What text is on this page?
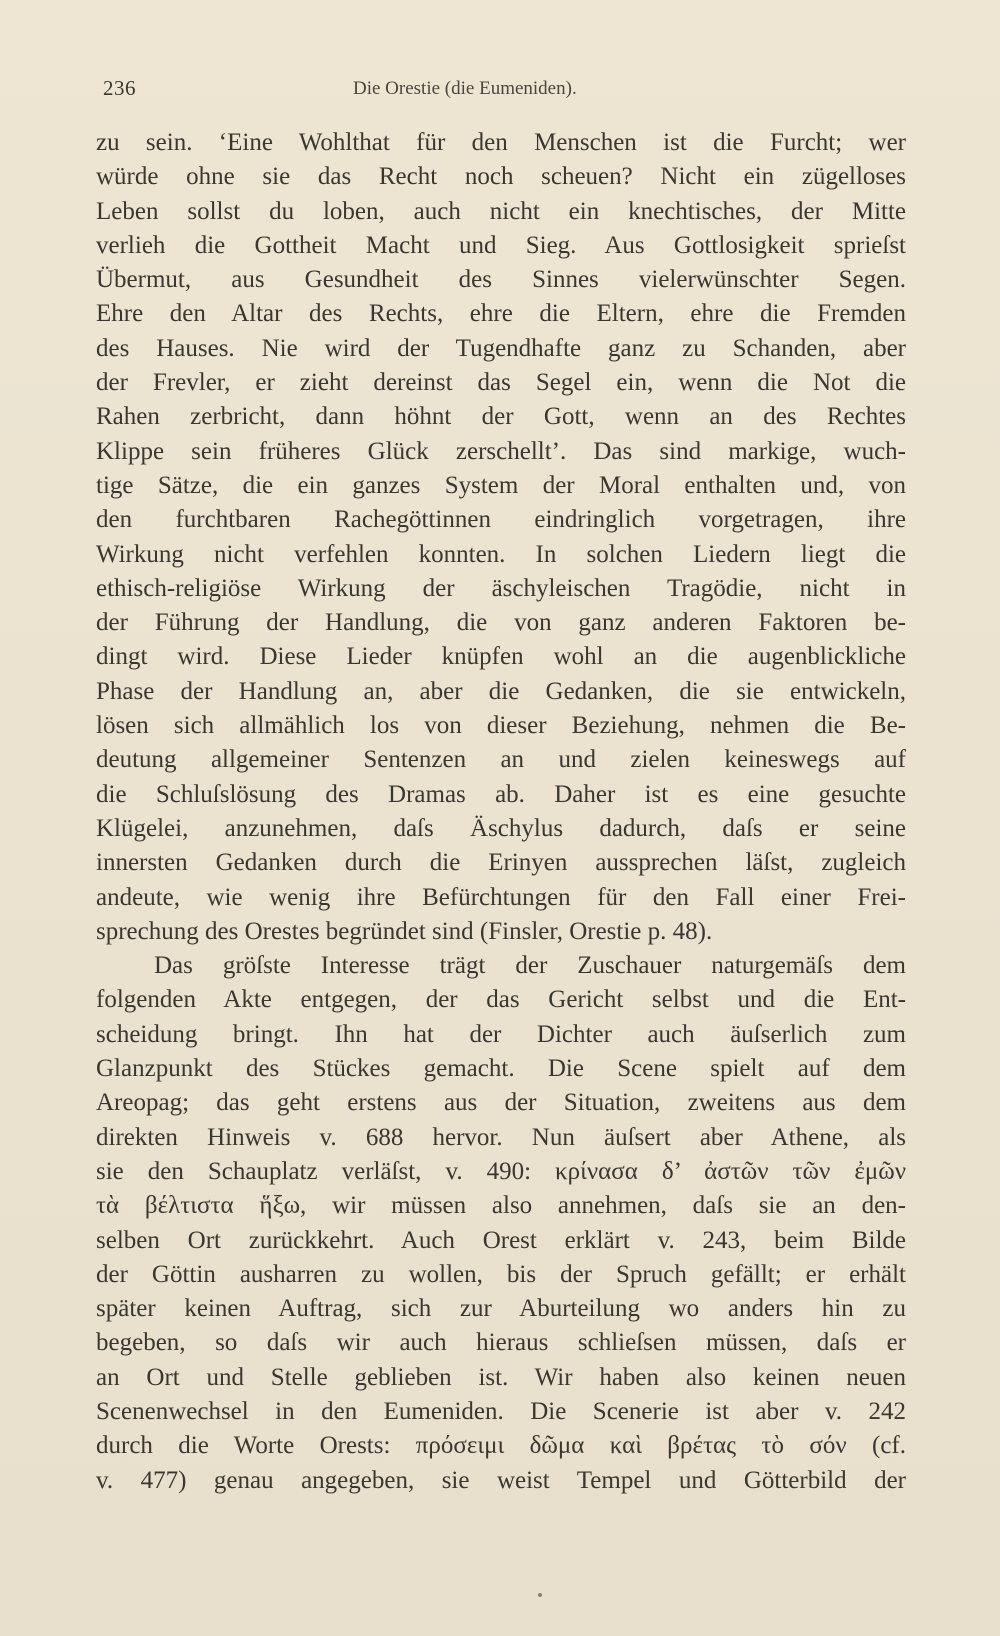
236	Die Orestie (die Eumeniden).
zu sein. ‘Eine Wohlthat für den Menschen ist die Furcht; wer
würde ohne sie das Recht noch scheuen? Nicht ein zügelloses
Leben sollst du loben, auch nicht ein knechtisches, der Mitte
verlieh die Gottheit Macht und Sieg. Aus Gottlosigkeit sprieſst
Übermut, aus Gesundheit des Sinnes vielerwünschter Segen.
Ehre den Altar des Rechts, ehre die Eltern, ehre die Fremden
des Hauses. Nie wird der Tugendhafte ganz zu Schanden, aber
der Frevler, er zieht dereinst das Segel ein, wenn die Not die
Rahen zerbricht, dann höhnt der Gott, wenn an des Rechtes
Klippe sein früheres Glück zerschellt’. Das sind markige, wuch-
tige Sätze, die ein ganzes System der Moral enthalten und, von
den furchtbaren Rachegöttinnen eindringlich vorgetragen, ihre
Wirkung nicht verfehlen konnten. In solchen Liedern liegt die
ethisch-religiöse Wirkung der äschyleischen Tragödie, nicht in
der Führung der Handlung, die von ganz anderen Faktoren be-
dingt wird. Diese Lieder knüpfen wohl an die augenblickliche
Phase der Handlung an, aber die Gedanken, die sie entwickeln,
lösen sich allmählich los von dieser Beziehung, nehmen die Be-
deutung allgemeiner Sentenzen an und zielen keineswegs auf
die Schluſslösung des Dramas ab. Daher ist es eine gesuchte
Klügelei, anzunehmen, daſs Äschylus dadurch, daſs er seine
innersten Gedanken durch die Erinyen aussprechen läſst, zugleich
andeute, wie wenig ihre Befürchtungen für den Fall einer Frei-
sprechung des Orestes begründet sind (Finsler, Orestie p. 48).
Das gröſste Interesse trägt der Zuschauer naturgemäſs dem
folgenden Akte entgegen, der das Gericht selbst und die Ent-
scheidung bringt. Ihn hat der Dichter auch äuſserlich zum
Glanzpunkt des Stückes gemacht. Die Scene spielt auf dem
Areopag; das geht erstens aus der Situation, zweitens aus dem
direkten Hinweis v. 688 hervor. Nun äuſsert aber Athene, als
sie den Schauplatz verläſst, v. 490: κρίνασα δ’ ἀστῶν τῶν ἐμῶν
τὰ βέλτιστα ἥξω, wir müssen also annehmen, daſs sie an den-
selben Ort zurückkehrt. Auch Orest erklärt v. 243, beim Bilde
der Göttin ausharren zu wollen, bis der Spruch gefällt; er erhält
später keinen Auftrag, sich zur Aburteilung wo anders hin zu
begeben, so daſs wir auch hieraus schlieſsen müssen, daſs er
an Ort und Stelle geblieben ist. Wir haben also keinen neuen
Scenenwechsel in den Eumeniden. Die Scenerie ist aber v. 242
durch die Worte Orests: πρόσειμι δῶμα καὶ βρέτας τὸ σόν (cf.
v. 477) genau angegeben, sie weist Tempel und Götterbild der
